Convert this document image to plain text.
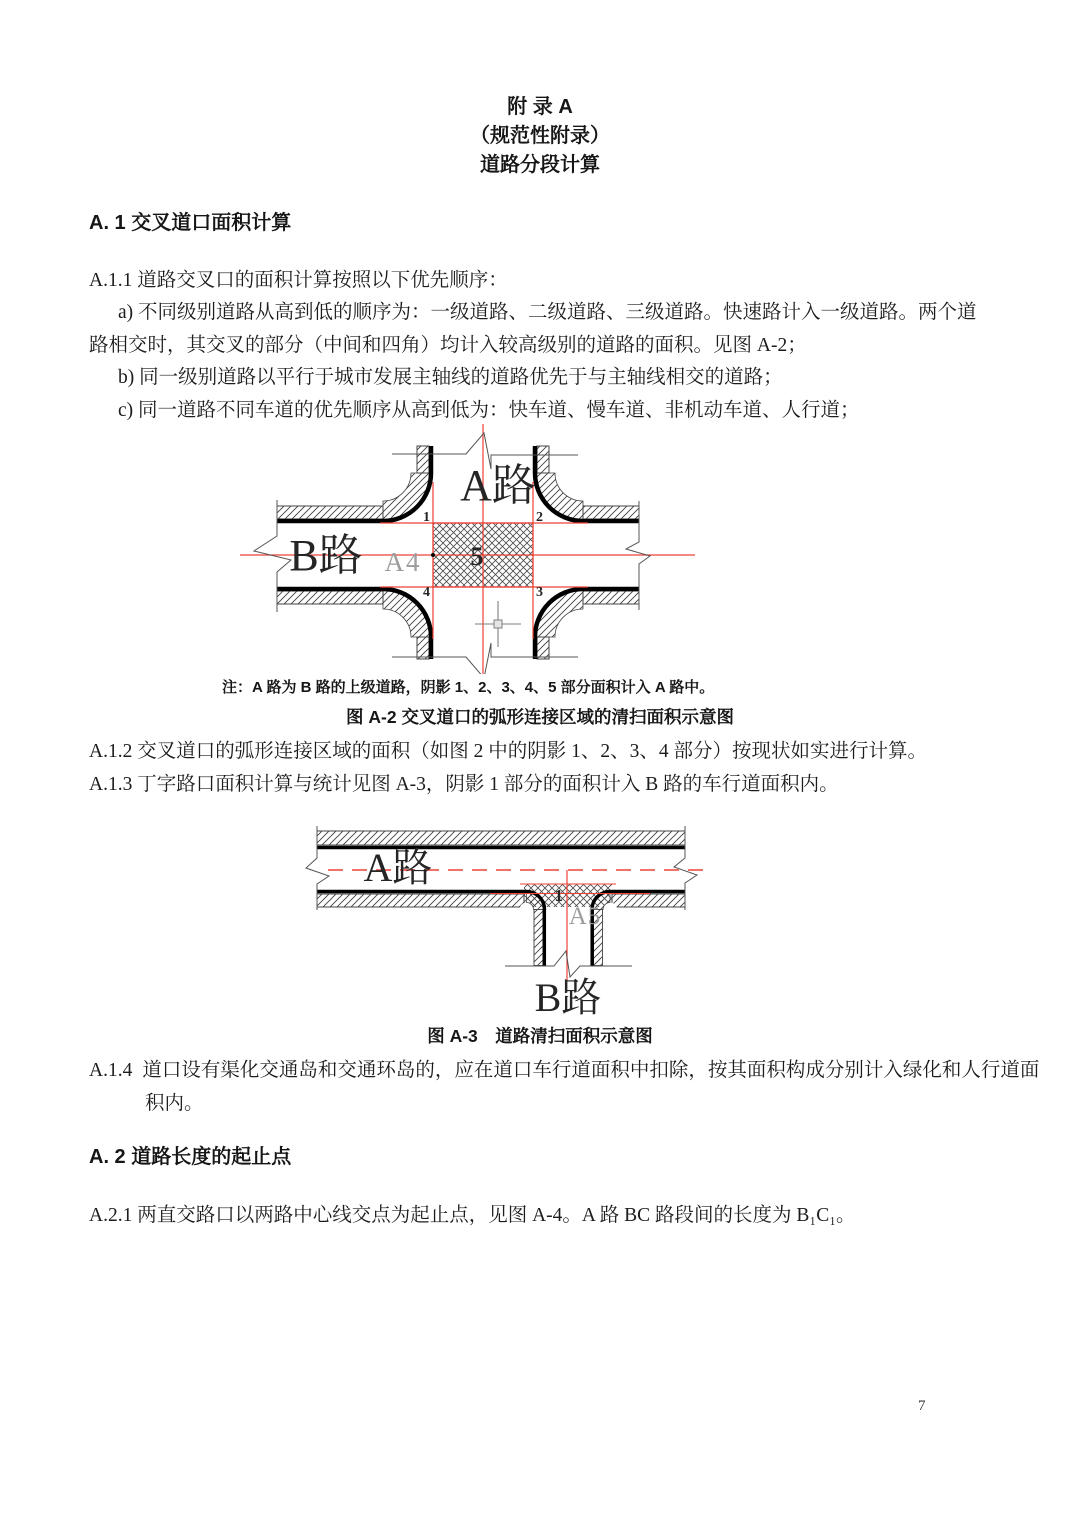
附 录 A
（规范性附录）
道路分段计算
A. 1 交叉道口面积计算
A.1.1 道路交叉口的面积计算按照以下优先顺序：

a) 不同级别道路从高到低的顺序为：一级道路、二级道路、三级道路。快速路计入一级道路。两个道路相交时，其交叉的部分（中间和四角）均计入较高级别的道路的面积。见图 A-2；

b) 同一级别道路以平行于城市发展主轴线的道路优先于与主轴线相交的道路；

c) 同一道路不同车道的优先顺序从高到低为：快车道、慢车道、非机动车道、人行道；

A路
B路 A4 5
1	2
3
4
注：A 路为 B 路的上级道路，阴影 1、2、3、4、5 部分面积计入 A 路中。
图 A-2 交叉道口的弧形连接区域的清扫面积示意图
A.1.2 交叉道口的弧形连接区域的面积（如图 2 中的阴影 1、2、3、4 部分）按现状如实进行计算。
A.1.3 丁字路口面积计算与统计见图 A-3，阴影 1 部分的面积计入 B 路的车行道面积内。
A路
B路
1
A5
图 A-3　道路清扫面积示意图
A.1.4 道口设有渠化交通岛和交通环岛的，应在道口车行道面积中扣除，按其面积构成分别计入绿化和人行道面积内。
A. 2 道路长度的起止点
A.2.1 两直交路口以两路中心线交点为起止点，见图 A-4。A 路 BC 路段间的长度为 B₁C₁。
7
